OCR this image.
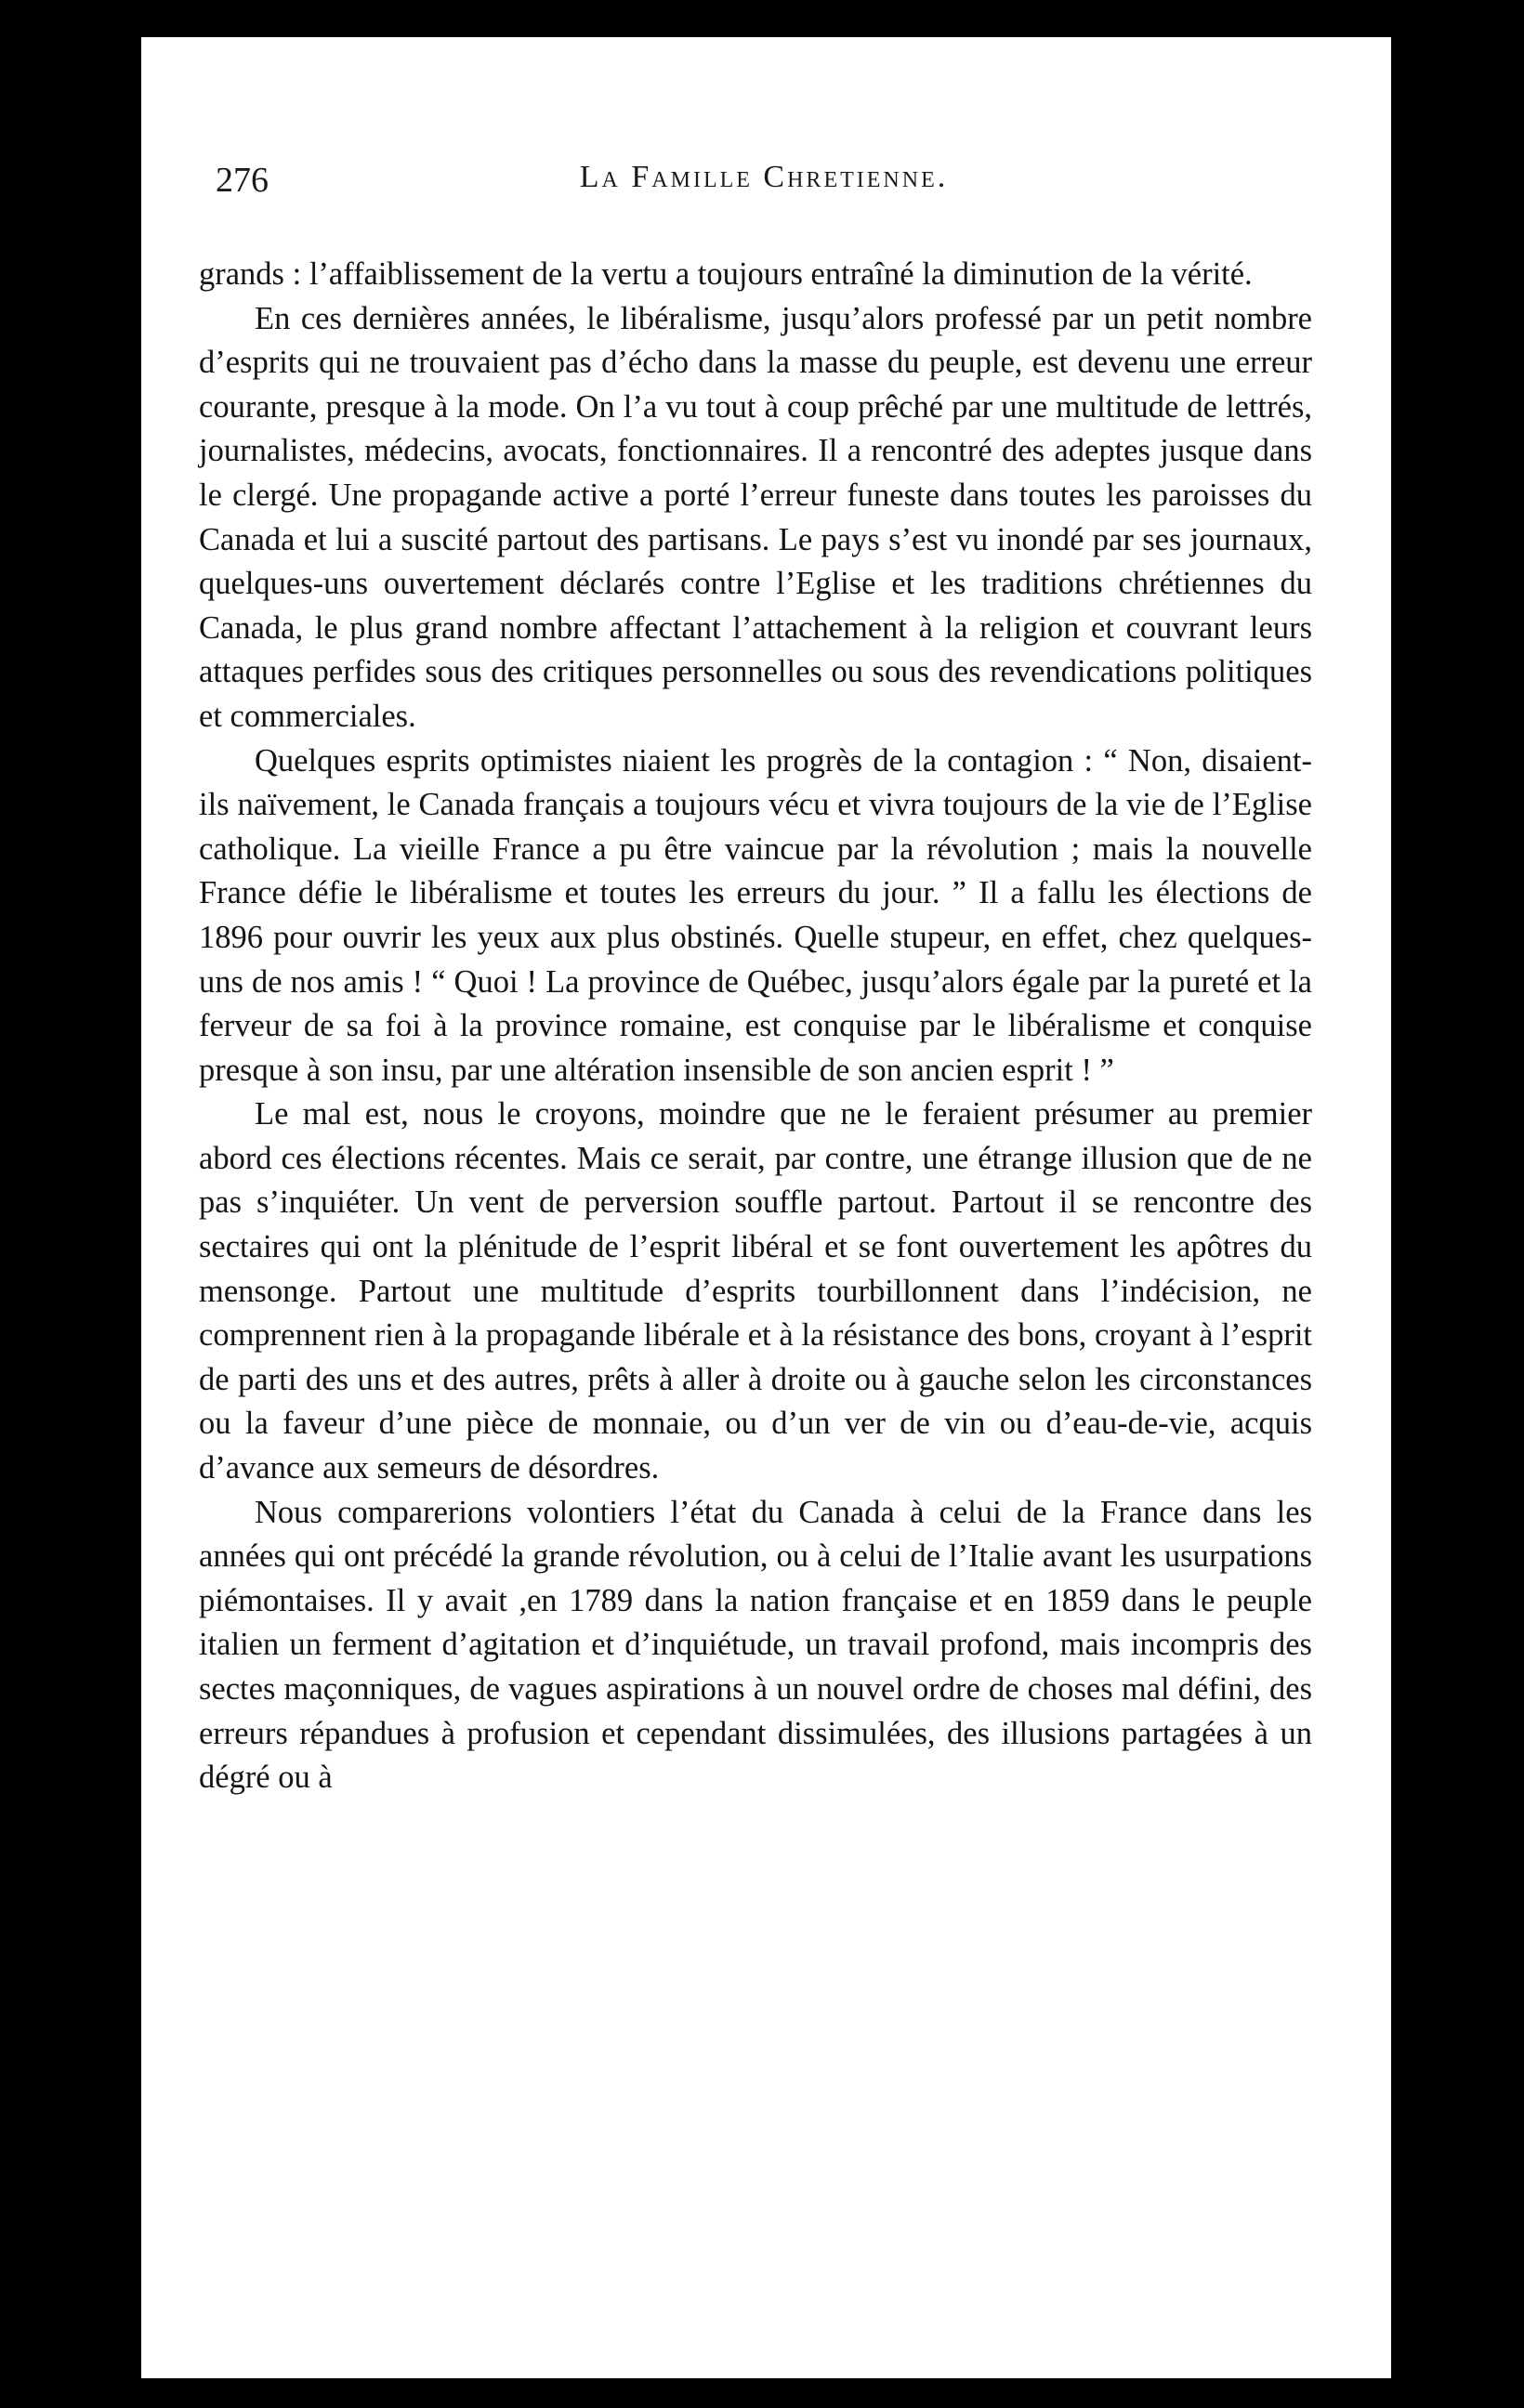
276	La Famille Chretienne.

grands : l’affaiblissement de la vertu a toujours entraîné la diminution de la vérité.

En ces dernières années, le libéralisme, jusqu’alors professé par un petit nombre d’esprits qui ne trouvaient pas d’écho dans la masse du peuple, est devenu une erreur courante, presque à la mode. On l’a vu tout à coup prêché par une multitude de lettrés, journalistes, médecins, avocats, fonctionnaires. Il a rencontré des adeptes jusque dans le clergé. Une propagande active a porté l’erreur funeste dans toutes les paroisses du Canada et lui a suscité partout des partisans. Le pays s’est vu inondé par ses journaux, quelques-uns ouvertement déclarés contre l’Eglise et les traditions chrétiennes du Canada, le plus grand nombre affectant l’attachement à la religion et couvrant leurs attaques perfides sous des critiques personnelles ou sous des revendications politiques et commerciales.

Quelques esprits optimistes niaient les progrès de la contagion : “ Non, disaient-ils naïvement, le Canada français a toujours vécu et vivra toujours de la vie de l’Eglise catholique. La vieille France a pu être vaincue par la révolution ; mais la nouvelle France défie le libéralisme et toutes les erreurs du jour. ” Il a fallu les élections de 1896 pour ouvrir les yeux aux plus obstinés. Quelle stupeur, en effet, chez quelques-uns de nos amis ! “ Quoi ! La province de Québec, jusqu’alors égale par la pureté et la ferveur de sa foi à la province romaine, est conquise par le libéralisme et conquise presque à son insu, par une altération insensible de son ancien esprit ! ”

Le mal est, nous le croyons, moindre que ne le feraient présumer au premier abord ces élections récentes. Mais ce serait, par contre, une étrange illusion que de ne pas s’inquiéter. Un vent de perversion souffle partout. Partout il se rencontre des sectaires qui ont la plénitude de l’esprit libéral et se font ouvertement les apôtres du mensonge. Partout une multitude d’esprits tourbillonnent dans l’indécision, ne comprennent rien à la propagande libérale et à la résistance des bons, croyant à l’esprit de parti des uns et des autres, prêts à aller à droite ou à gauche selon les circonstances ou la faveur d’une pièce de monnaie, ou d’un ver de vin ou d’eau-de-vie, acquis d’avance aux semeurs de désordres.

Nous comparerions volontiers l’état du Canada à celui de la France dans les années qui ont précédé la grande révolution, ou à celui de l’Italie avant les usurpations piémontaises. Il y avait ,en 1789 dans la nation française et en 1859 dans le peuple italien un ferment d’agitation et d’inquiétude, un travail profond, mais incompris des sectes maçonniques, de vagues aspirations à un nouvel ordre de choses mal défini, des erreurs répandues à profusion et cependant dissimulées, des illusions partagées à un dégré ou à
